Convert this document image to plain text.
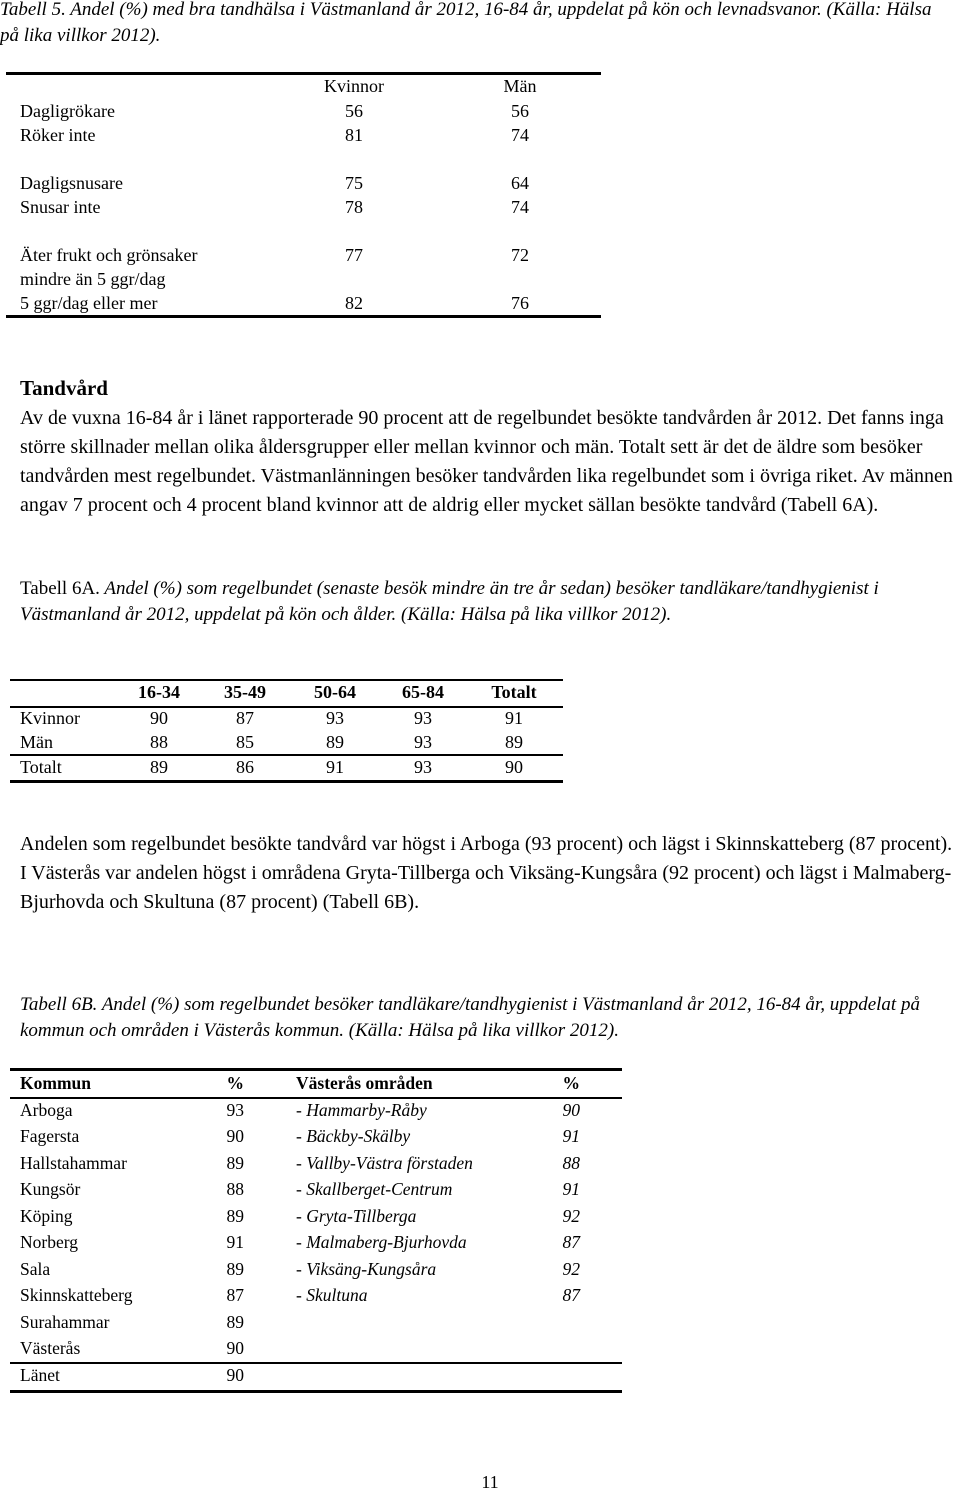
Tabell 5. Andel (%) med bra tandhälsa i Västmanland år 2012, 16-84 år, uppdelat på kön och levnadsvanor. (Källa: Hälsa på lika villkor 2012).
Kvinnor	Män
Dagligrökare	56	56
Röker inte	81	74
Dagligsnusare	75	64
Snusar inte	78	74
Äter frukt och grönsaker	77	72
mindre än 5 ggr/dag
5 ggr/dag eller mer	82	76
Tandvård
Av de vuxna 16-84 år i länet rapporterade 90 procent att de regelbundet besökte tandvården år 2012. Det fanns inga större skillnader mellan olika åldersgrupper eller mellan kvinnor och män. Totalt sett är det de äldre som besöker tandvården mest regelbundet. Västmanlänningen besöker tandvården lika regelbundet som i övriga riket. Av männen angav 7 procent och 4 procent bland kvinnor att de aldrig eller mycket sällan besökte tandvård (Tabell 6A).
Tabell 6A. Andel (%) som regelbundet (senaste besök mindre än tre år sedan) besöker tandläkare/tandhygienist i Västmanland år 2012, uppdelat på kön och ålder. (Källa: Hälsa på lika villkor 2012).
16-34	35-49	50-64	65-84	Totalt
Kvinnor	90	87	93	93	91
Män	88	85	89	93	89
Totalt	89	86	91	93	90
Andelen som regelbundet besökte tandvård var högst i Arboga (93 procent) och lägst i Skinnskatteberg (87 procent). I Västerås var andelen högst i områdena Gryta-Tillberga och Viksäng-Kungsåra (92 procent) och lägst i Malmaberg-Bjurhovda och Skultuna (87 procent) (Tabell 6B).
Tabell 6B. Andel (%) som regelbundet besöker tandläkare/tandhygienist i Västmanland år 2012, 16-84 år, uppdelat på kommun och områden i Västerås kommun. (Källa: Hälsa på lika villkor 2012).
Kommun	%	Västerås områden	%
Arboga	93	- Hammarby-Råby	90
Fagersta	90	- Bäckby-Skälby	91
Hallstahammar	89	- Vallby-Västra förstaden	88
Kungsör	88	- Skallberget-Centrum	91
Köping	89	- Gryta-Tillberga	92
Norberg	91	- Malmaberg-Bjurhovda	87
Sala	89	- Viksäng-Kungsåra	92
Skinnskatteberg	87	- Skultuna	87
Surahammar	89
Västerås	90
Länet	90
11
